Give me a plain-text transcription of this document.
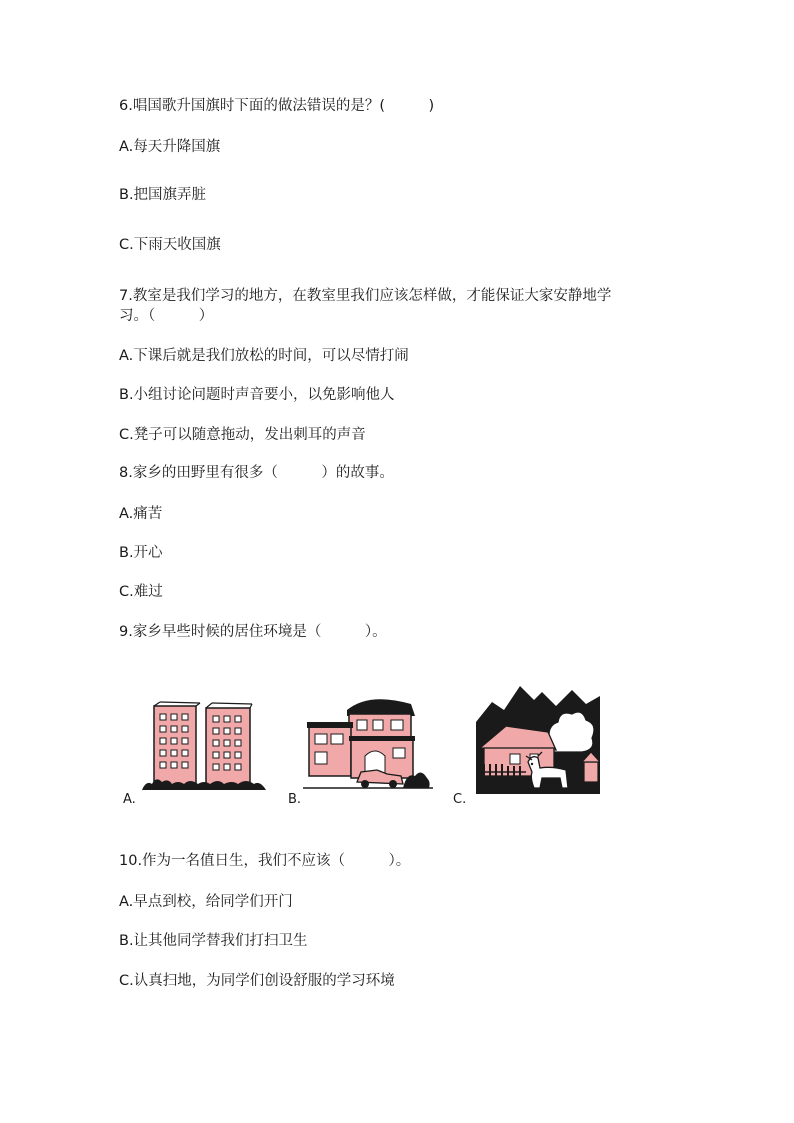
6.唱国歌升国旗时下面的做法错误的是？(　　　)
A.每天升降国旗
B.把国旗弄脏
C.下雨天收国旗
7.教室是我们学习的地方，在教室里我们应该怎样做，才能保证大家安静地学
习。（　　　）
A.下课后就是我们放松的时间，可以尽情打闹
B.小组讨论问题时声音要小，以免影响他人
C.凳子可以随意拖动，发出刺耳的声音
8.家乡的田野里有很多（　　　）的故事。
A.痛苦
B.开心
C.难过
9.家乡早些时候的居住环境是（　　　）。
A.	B.	C.
10.作为一名值日生，我们不应该（　　　）。
A.早点到校，给同学们开门
B.让其他同学替我们打扫卫生
C.认真扫地，为同学们创设舒服的学习环境
